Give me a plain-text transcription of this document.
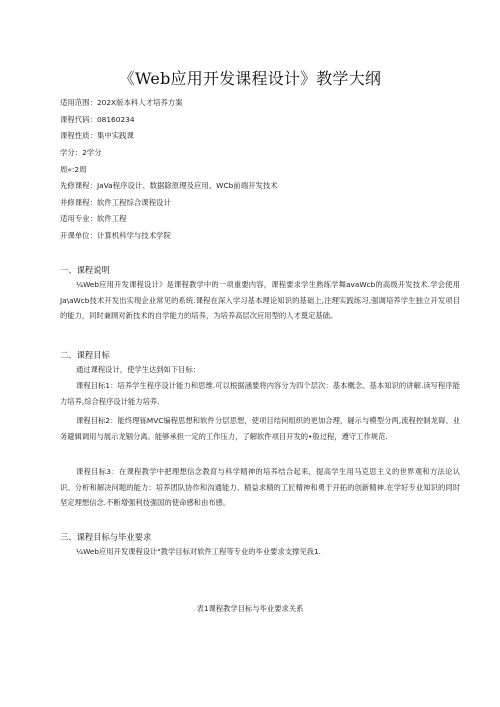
《Web应用开发课程设计》教学大纲
适用范围：202X版本科人才培养方案
课程代码：08160234
课程性质：集中实践课
学分：2学分
周«:2周
先修课程：JaVa程序设计、数据除原理及应用、WCb前端开发技术
并修课程：软件工程综合课程设计
适用专业：软件工程
开课单位：计算机科学与技术学院
一、课程说明
¼Web应用开发课程设计》是课程教学中的一项重要内容，课程要求学生熟练学舞avaWcb的高级开发技术.学会使用Ja\aWcb技术开发出实现企业常见的系统.课程在深入学习基本理论知识的基础上,注理实践练习,强调培养学生独立开发项目的能力，同时兼顾对新技术的自学能力的培养，为培养高层次应用型的人才奠定基础。
二、课程目标
通过课程设计，使学生达到如下目标：
课程目标1：培养学生程序设计能力和思维.可以根据涵要将内容分为四个层次：基本概念、基本知识的讲解.读写程序能力培养,综合程序设计能力培养.
课程目标2：能终理铄MVC编程思想和软件分层思想，使项目结何组织的更加合理，屣示与模型分两,流程控制龙碍、业务避辑调用与展示龙锢分离。能够承担一定的工作压力，了解软件项目开发的•般过程，遵守工作规范.
课程目标3：在课程教学中把理想信念教育与科学精神的培养结合起来，提高学生用马克思主义的世界观和方法论认识、分析和解决问题的能力：培养团队协作和沟通能力、精益求精的工匠精神和勇于开拓的创新精神.在学好专业知识的同时坚定理想信念.不断增强利技强国的使命感和由布感。
三、课程目标与毕业要求
¼Web应用开发课程设计"教学目标对软件工程等专业的毕业要求支撑见我1.
表1课程教学目标与毕业要求关系
